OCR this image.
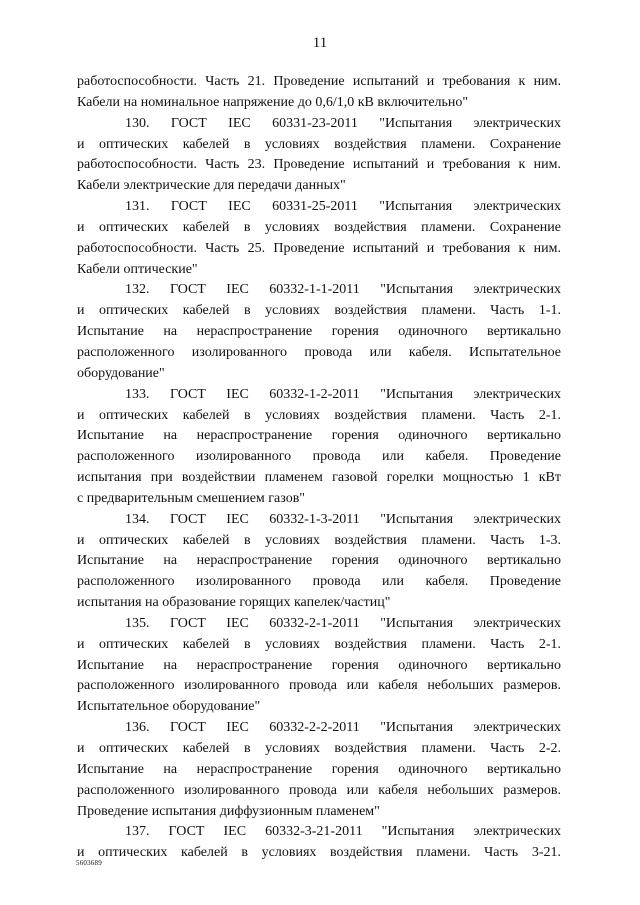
11
работоспособности. Часть 21. Проведение испытаний и требования к ним.
Кабели на номинальное напряжение до 0,6/1,0 кВ включительно"
130. ГОСТ IEC 60331-23-2011 "Испытания электрических
и оптических кабелей в условиях воздействия пламени. Сохранение
работоспособности. Часть 23. Проведение испытаний и требования к ним.
Кабели электрические для передачи данных"
131. ГОСТ IEC 60331-25-2011 "Испытания электрических
и оптических кабелей в условиях воздействия пламени. Сохранение
работоспособности. Часть 25. Проведение испытаний и требования к ним.
Кабели оптические"
132. ГОСТ IEC 60332-1-1-2011 "Испытания электрических
и оптических кабелей в условиях воздействия пламени. Часть 1-1.
Испытание на нераспространение горения одиночного вертикально
расположенного изолированного провода или кабеля. Испытательное
оборудование"
133. ГОСТ IEC 60332-1-2-2011 "Испытания электрических
и оптических кабелей в условиях воздействия пламени. Часть 2-1.
Испытание на нераспространение горения одиночного вертикально
расположенного изолированного провода или кабеля. Проведение
испытания при воздействии пламенем газовой горелки мощностью 1 кВт
с предварительным смешением газов"
134. ГОСТ IEC 60332-1-3-2011 "Испытания электрических
и оптических кабелей в условиях воздействия пламени. Часть 1-3.
Испытание на нераспространение горения одиночного вертикально
расположенного изолированного провода или кабеля. Проведение
испытания на образование горящих капелек/частиц"
135. ГОСТ IEC 60332-2-1-2011 "Испытания электрических
и оптических кабелей в условиях воздействия пламени. Часть 2-1.
Испытание на нераспространение горения одиночного вертикально
расположенного изолированного провода или кабеля небольших размеров.
Испытательное оборудование"
136. ГОСТ IEC 60332-2-2-2011 "Испытания электрических
и оптических кабелей в условиях воздействия пламени. Часть 2-2.
Испытание на нераспространение горения одиночного вертикально
расположенного изолированного провода или кабеля небольших размеров.
Проведение испытания диффузионным пламенем"
137. ГОСТ IEC 60332-3-21-2011 "Испытания электрических
и оптических кабелей в условиях воздействия пламени. Часть 3-21.
5603689
